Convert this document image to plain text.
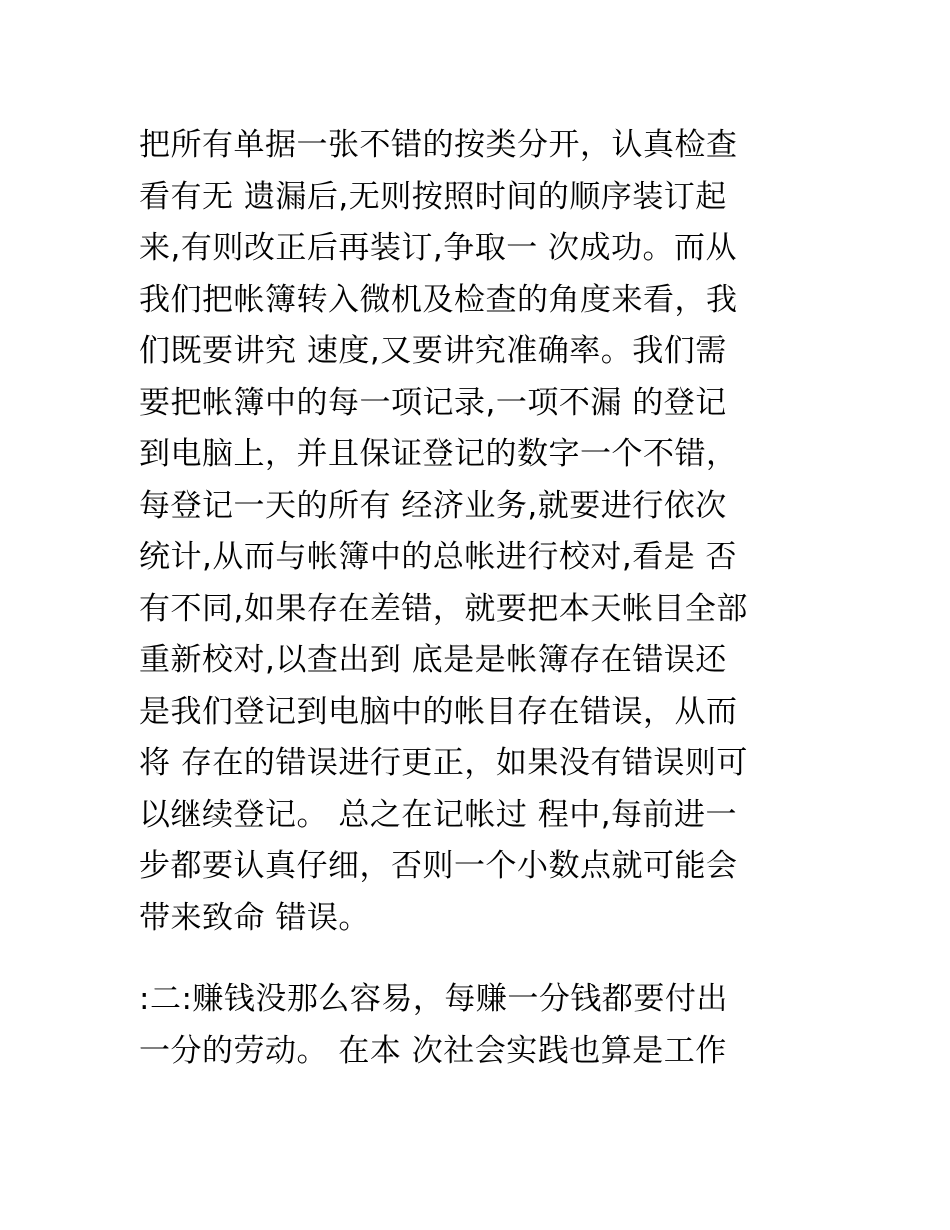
把所有单据一张不错的按类分开，认真检查
看有无 遗漏后,无则按照时间的顺序装订起
来,有则改正后再装订,争取一 次成功。而从
我们把帐簿转入微机及检查的角度来看，我
们既要讲究 速度,又要讲究准确率。我们需
要把帐簿中的每一项记录,一项不漏 的登记
到电脑上，并且保证登记的数字一个不错，
每登记一天的所有 经济业务,就要进行依次
统计,从而与帐簿中的总帐进行校对,看是 否
有不同,如果存在差错，就要把本天帐目全部
重新校对,以查出到 底是是帐簿存在错误还
是我们登记到电脑中的帐目存在错误，从而
将 存在的错误进行更正，如果没有错误则可
以继续登记。 总之在记帐过 程中,每前进一
步都要认真仔细，否则一个小数点就可能会
带来致命 错误。
:二:赚钱没那么容易，每赚一分钱都要付出
一分的劳动。 在本 次社会实践也算是工作
